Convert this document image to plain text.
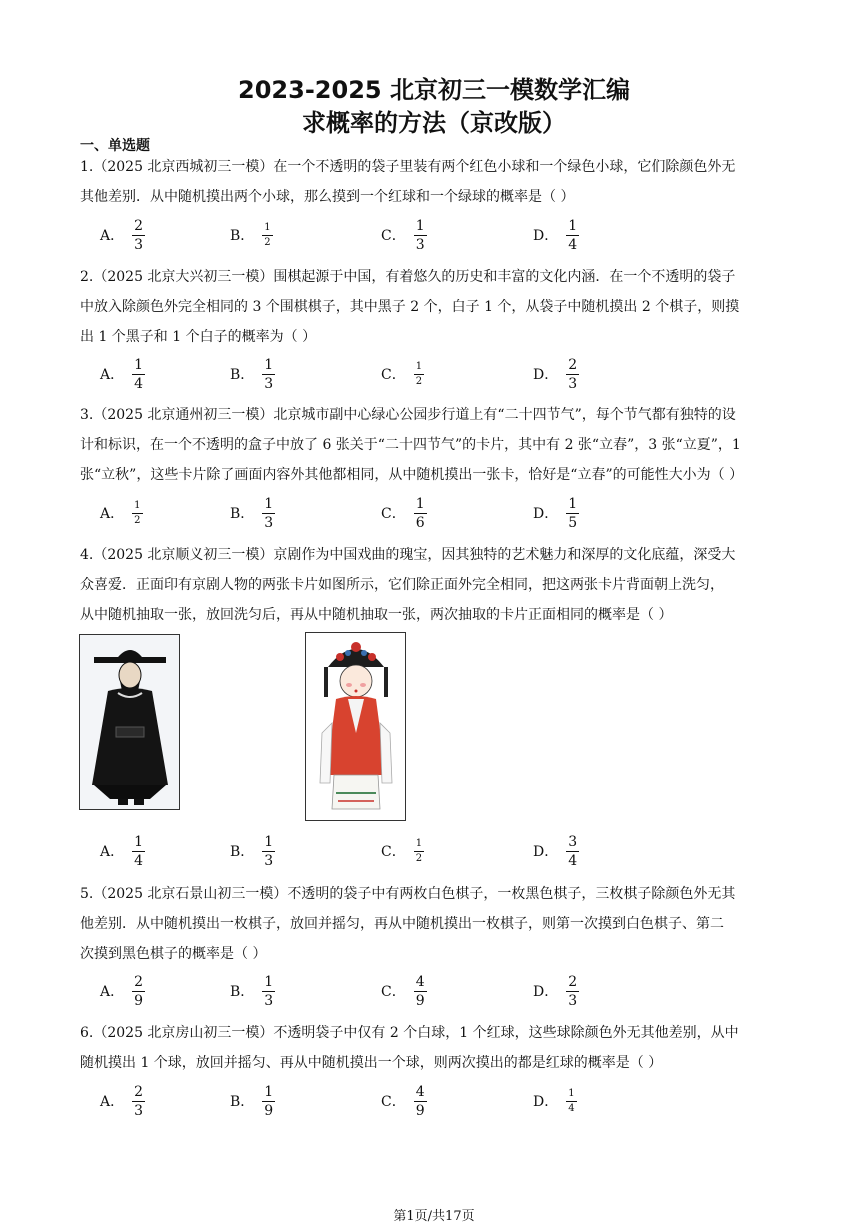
2023-2025 北京初三一模数学汇编
求概率的方法（京改版）
一、单选题
1.（2025 北京西城初三一模）在一个不透明的袋子里装有两个红色小球和一个绿色小球，它们除颜色外无
其他差别．从中随机摸出两个小球，那么摸到一个红球和一个绿球的概率是（ ）
A． $\frac{2}{3}$	B． $\frac{1}{2}$	C． $\frac{1}{3}$	D． $\frac{1}{4}$
2.（2025 北京大兴初三一模）围棋起源于中国，有着悠久的历史和丰富的文化内涵．在一个不透明的袋子
中放入除颜色外完全相同的 3 个围棋棋子，其中黑子 2 个，白子 1 个，从袋子中随机摸出 2 个棋子，则摸
出 1 个黑子和 1 个白子的概率为（ ）
A． $\frac{1}{4}$	B． $\frac{1}{3}$	C． $\frac{1}{2}$	D． $\frac{2}{3}$
3.（2025 北京通州初三一模）北京城市副中心绿心公园步行道上有“二十四节气”，每个节气都有独特的设
计和标识，在一个不透明的盒子中放了 6 张关于“二十四节气”的卡片，其中有 2 张“立春”，3 张“立夏”，1
张“立秋”，这些卡片除了画面内容外其他都相同，从中随机摸出一张卡，恰好是“立春”的可能性大小为（ ）
A． $\frac{1}{2}$	B． $\frac{1}{3}$	C． $\frac{1}{6}$	D． $\frac{1}{5}$
4.（2025 北京顺义初三一模）京剧作为中国戏曲的瑰宝，因其独特的艺术魅力和深厚的文化底蕴，深受大
众喜爱．正面印有京剧人物的两张卡片如图所示，它们除正面外完全相同，把这两张卡片背面朝上洗匀，
从中随机抽取一张，放回洗匀后，再从中随机抽取一张，两次抽取的卡片正面相同的概率是（ ）
A． $\frac{1}{4}$	B． $\frac{1}{3}$	C． $\frac{1}{2}$	D． $\frac{3}{4}$
5.（2025 北京石景山初三一模）不透明的袋子中有两枚白色棋子，一枚黑色棋子，三枚棋子除颜色外无其
他差别．从中随机摸出一枚棋子，放回并摇匀，再从中随机摸出一枚棋子，则第一次摸到白色棋子、第二
次摸到黑色棋子的概率是（ ）
A． $\frac{2}{9}$	B． $\frac{1}{3}$	C． $\frac{4}{9}$	D． $\frac{2}{3}$
6.（2025 北京房山初三一模）不透明袋子中仅有 2 个白球，1 个红球，这些球除颜色外无其他差别，从中
随机摸出 1 个球，放回并摇匀、再从中随机摸出一个球，则两次摸出的都是红球的概率是（ ）
A． $\frac{2}{3}$	B． $\frac{1}{9}$	C． $\frac{4}{9}$	D． $\frac{1}{4}$
第1页/共17页
